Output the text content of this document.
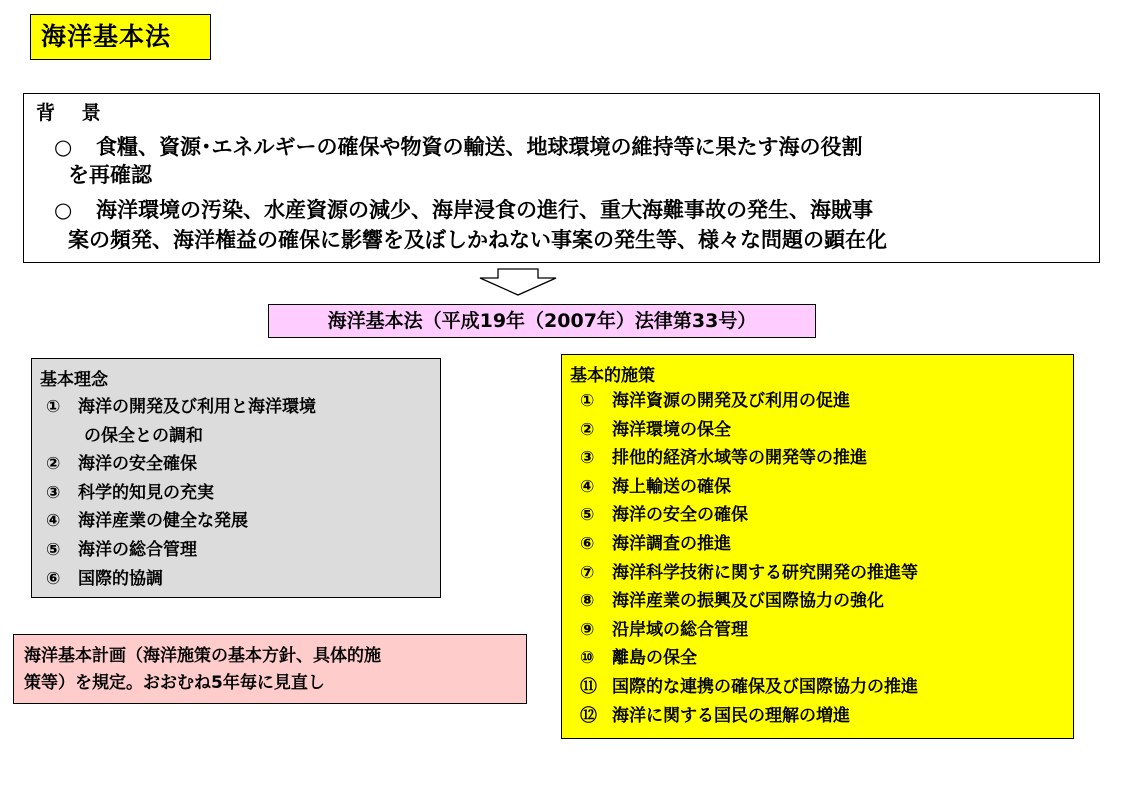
海洋基本法
背 景
○ 食糧、資源･エネルギーの確保や物資の輸送、地球環境の維持等に果たす海の役割
を再確認
○ 海洋環境の汚染、水産資源の減少、海岸浸食の進行、重大海難事故の発生、海賊事
案の頻発、海洋権益の確保に影響を及ぼしかねない事案の発生等、様々な問題の顕在化
海洋基本法（平成19年（2007年）法律第33号）
基本理念
① 海洋の開発及び利用と海洋環境
の保全との調和
② 海洋の安全確保
③ 科学的知見の充実
④ 海洋産業の健全な発展
⑤ 海洋の総合管理
⑥ 国際的協調
基本的施策
① 海洋資源の開発及び利用の促進
② 海洋環境の保全
③ 排他的経済水域等の開発等の推進
④ 海上輸送の確保
⑤ 海洋の安全の確保
⑥ 海洋調査の推進
⑦ 海洋科学技術に関する研究開発の推進等
⑧ 海洋産業の振興及び国際協力の強化
⑨ 沿岸域の総合管理
⑩ 離島の保全
⑪ 国際的な連携の確保及び国際協力の推進
⑫ 海洋に関する国民の理解の増進
海洋基本計画（海洋施策の基本方針、具体的施
策等）を規定。おおむね5年毎に見直し
